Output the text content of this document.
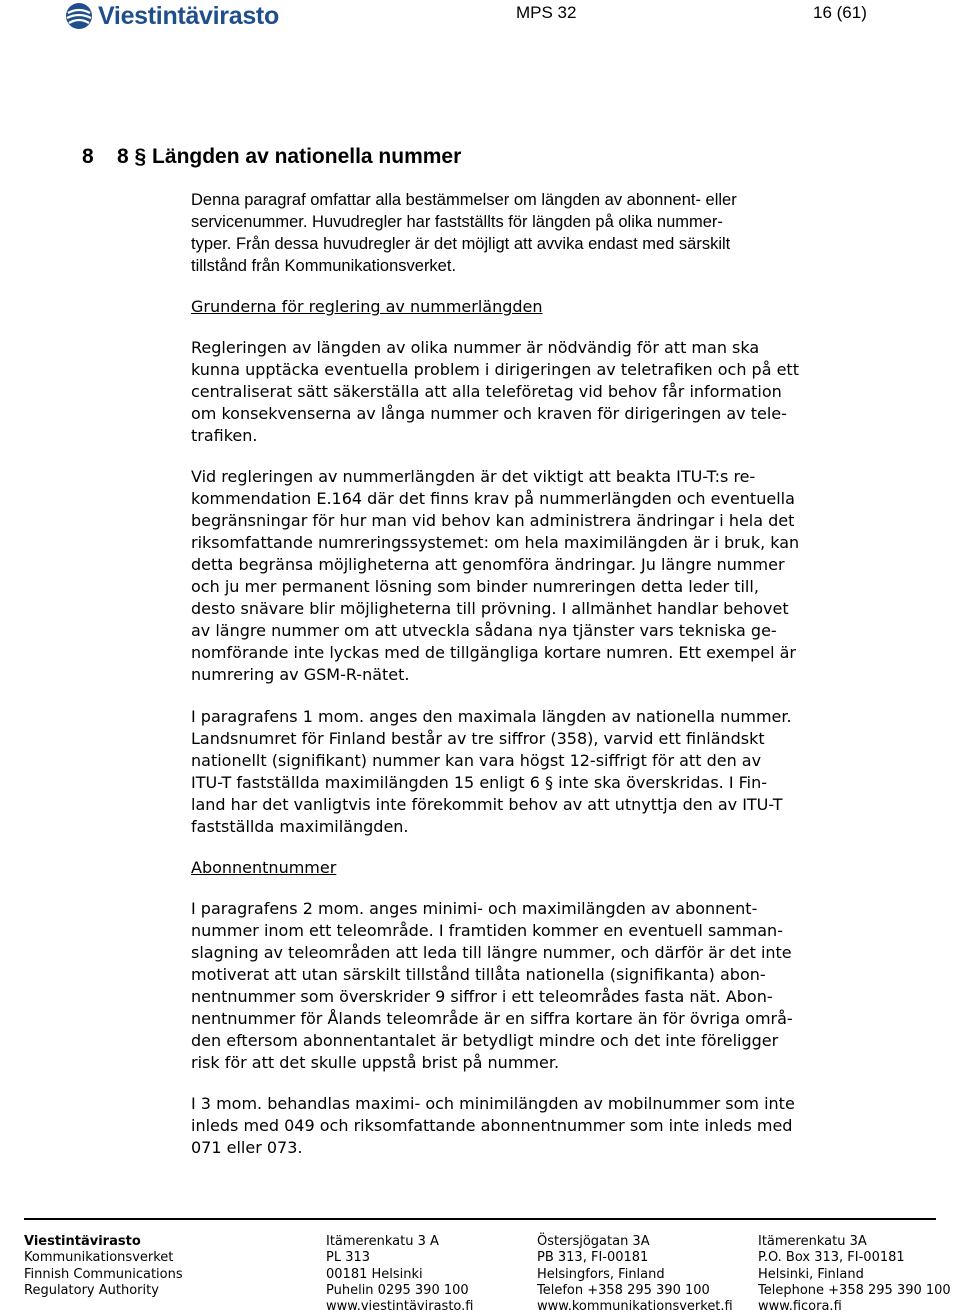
Viestintävirasto	MPS 32	16 (61)
8 8 § Längden av nationella nummer
Denna paragraf omfattar alla bestämmelser om längden av abonnent- eller
servicenummer. Huvudregler har fastställts för längden på olika nummer-
typer. Från dessa huvudregler är det möjligt att avvika endast med särskilt
tillstånd från Kommunikationsverket.
Grunderna för reglering av nummerlängden
Regleringen av längden av olika nummer är nödvändig för att man ska
kunna upptäcka eventuella problem i dirigeringen av teletrafiken och på ett
centraliserat sätt säkerställa att alla teleföretag vid behov får information
om konsekvenserna av långa nummer och kraven för dirigeringen av tele-
trafiken.
Vid regleringen av nummerlängden är det viktigt att beakta ITU-T:s re-
kommendation E.164 där det finns krav på nummerlängden och eventuella
begränsningar för hur man vid behov kan administrera ändringar i hela det
riksomfattande numreringssystemet: om hela maximilängden är i bruk, kan
detta begränsa möjligheterna att genomföra ändringar. Ju längre nummer
och ju mer permanent lösning som binder numreringen detta leder till,
desto snävare blir möjligheterna till prövning. I allmänhet handlar behovet
av längre nummer om att utveckla sådana nya tjänster vars tekniska ge-
nomförande inte lyckas med de tillgängliga kortare numren. Ett exempel är
numrering av GSM-R-nätet.
I paragrafens 1 mom. anges den maximala längden av nationella nummer.
Landsnumret för Finland består av tre siffror (358), varvid ett finländskt
nationellt (signifikant) nummer kan vara högst 12-siffrigt för att den av
ITU-T fastställda maximilängden 15 enligt 6 § inte ska överskridas. I Fin-
land har det vanligtvis inte förekommit behov av att utnyttja den av ITU-T
fastställda maximilängden.
Abonnentnummer
I paragrafens 2 mom. anges minimi- och maximilängden av abonnent-
nummer inom ett teleområde. I framtiden kommer en eventuell samman-
slagning av teleområden att leda till längre nummer, och därför är det inte
motiverat att utan särskilt tillstånd tillåta nationella (signifikanta) abon-
nentnummer som överskrider 9 siffror i ett teleområdes fasta nät. Abon-
nentnummer för Ålands teleområde är en siffra kortare än för övriga områ-
den eftersom abonnentantalet är betydligt mindre och det inte föreligger
risk för att det skulle uppstå brist på nummer.
I 3 mom. behandlas maximi- och minimilängden av mobilnummer som inte
inleds med 049 och riksomfattande abonnentnummer som inte inleds med
071 eller 073.
Viestintävirasto
Kommunikationsverket
Finnish Communications
Regulatory Authority
Itämerenkatu 3 A
PL 313
00181 Helsinki
Puhelin 0295 390 100
www.viestintävirasto.fi
Östersjögatan 3A
PB 313, FI-00181
Helsingfors, Finland
Telefon +358 295 390 100
www.kommunikationsverket.fi
Itämerenkatu 3A
P.O. Box 313, FI-00181
Helsinki, Finland
Telephone +358 295 390 100
www.ficora.fi
